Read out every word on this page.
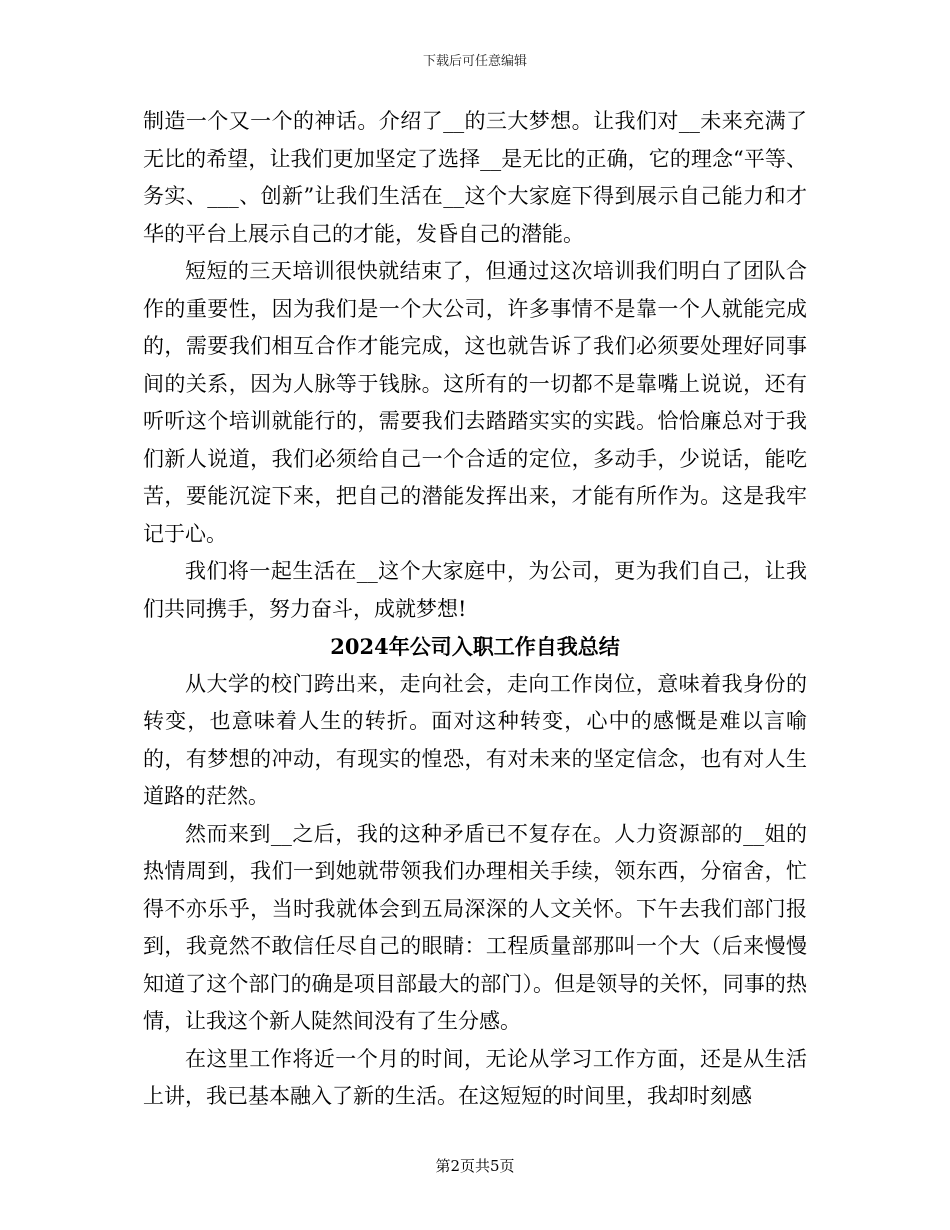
下载后可任意编辑

制造一个又一个的神话。介绍了__的三大梦想。让我们对__未来充满了无比的希望，让我们更加坚定了选择__是无比的正确，它的理念“平等、务实、___、创新”让我们生活在__这个大家庭下得到展示自己能力和才华的平台上展示自己的才能，发昏自己的潜能。

短短的三天培训很快就结束了，但通过这次培训我们明白了团队合作的重要性，因为我们是一个大公司，许多事情不是靠一个人就能完成的，需要我们相互合作才能完成，这也就告诉了我们必须要处理好同事间的关系，因为人脉等于钱脉。这所有的一切都不是靠嘴上说说，还有听听这个培训就能行的，需要我们去踏踏实实的实践。恰恰廉总对于我们新人说道，我们必须给自己一个合适的定位，多动手，少说话，能吃苦，要能沉淀下来，把自己的潜能发挥出来，才能有所作为。这是我牢记于心。

我们将一起生活在__这个大家庭中，为公司，更为我们自己，让我们共同携手，努力奋斗，成就梦想!

2024年公司入职工作自我总结

从大学的校门跨出来，走向社会，走向工作岗位，意味着我身份的转变，也意味着人生的转折。面对这种转变，心中的感慨是难以言喻的，有梦想的冲动，有现实的惶恐，有对未来的坚定信念，也有对人生道路的茫然。

然而来到__之后，我的这种矛盾已不复存在。人力资源部的__姐的热情周到，我们一到她就带领我们办理相关手续，领东西，分宿舍，忙得不亦乐乎，当时我就体会到五局深深的人文关怀。下午去我们部门报到，我竟然不敢信任尽自己的眼睛：工程质量部那叫一个大（后来慢慢知道了这个部门的确是项目部最大的部门）。但是领导的关怀，同事的热情，让我这个新人陡然间没有了生分感。

在这里工作将近一个月的时间，无论从学习工作方面，还是从生活上讲，我已基本融入了新的生活。在这短短的时间里，我却时刻感

第2页共5页
